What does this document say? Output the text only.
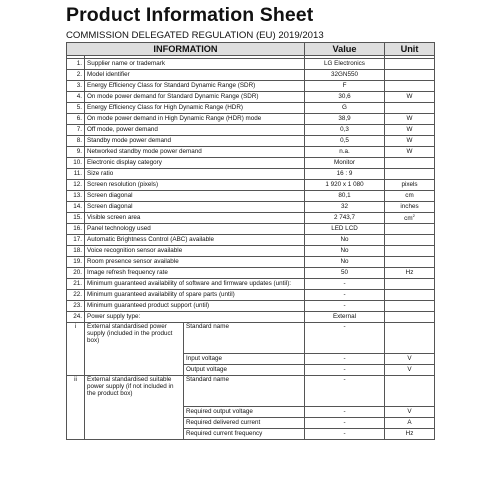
Product Information Sheet
COMMISSION DELEGATED REGULATION (EU) 2019/2013
INFORMATION			Value	Unit

1.	Supplier name or trademark		LG Electronics	
2.	Model identifier		32GN550	
3.	Energy Efficiency Class for Standard Dynamic Range (SDR)		F	
4.	On mode power demand for Standard Dynamic Range (SDR)		30,6	W
5.	Energy Efficiency Class for High Dynamic Range (HDR)		G	
6.	On mode power demand in High Dynamic Range (HDR) mode		38,9	W
7.	Off mode, power demand		0,3	W
8.	Standby mode power demand		0,5	W
9.	Networked standby mode power demand		n.a.	W
10.	Electronic display category		Monitor	
11.	Size ratio		16 : 9	
12.	Screen resolution (pixels)		1 920 x 1 080	pixels
13.	Screen diagonal		80,1	cm
14.	Screen diagonal		32	inches
15.	Visible screen area		2 743,7	$cm^2$
16.	Panel technology used		LED LCD	
17.	Automatic Brightness Control (ABC) available		No	
18.	Voice recognition sensor available		No	
19.	Room presence sensor available		No	
20.	Image refresh frequency rate		50	Hz
21.	Minimum guaranteed availability of software and firmware updates (until):		-	
22.	Minimum guaranteed availability of spare parts (until)		-	
23.	Minimum guaranteed product support (until)		-	
24.	Power supply type:		External	
i	External standardised power supply (included in the product box)	Standard name	-	
		Input voltage	-	V
		Output voltage	-	V
ii	External standardised suitable power supply (if not included in the product box)	Standard name	-	
		Required output voltage	-	V
		Required delivered current	-	A
		Required current frequency	-	Hz
